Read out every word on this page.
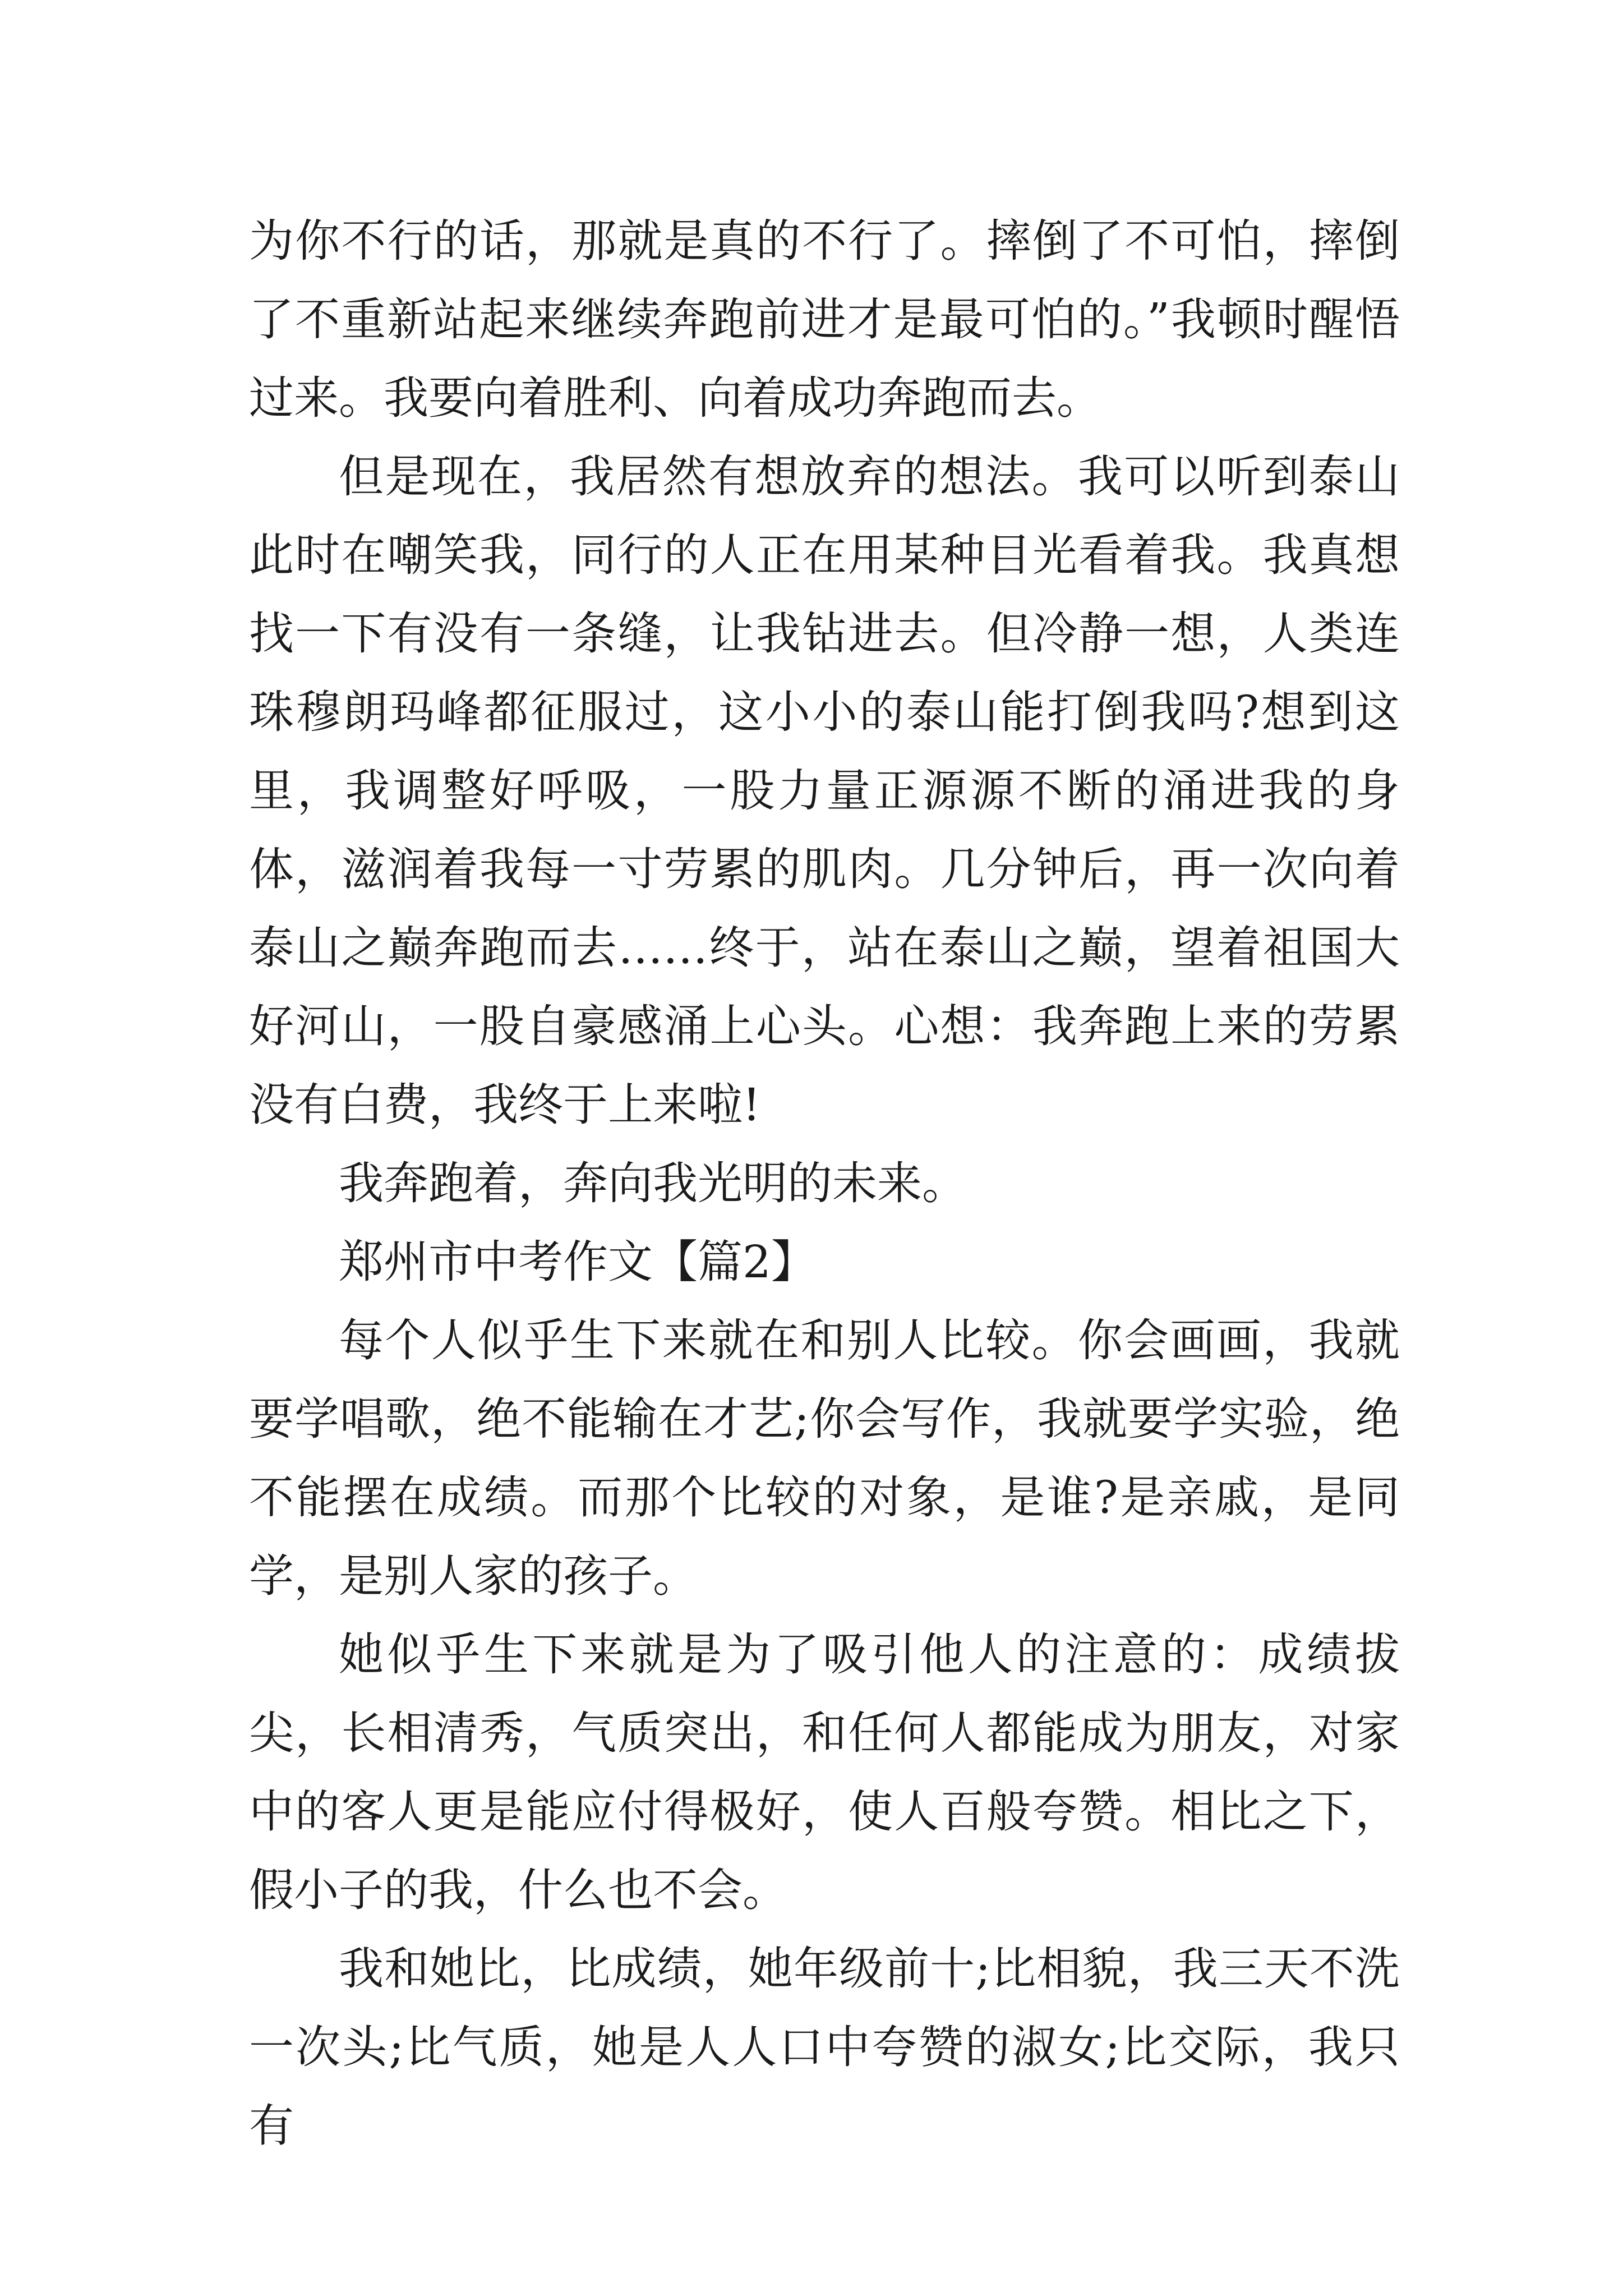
为你不行的话，那就是真的不行了。摔倒了不可怕，摔倒了不重新站起来继续奔跑前进才是最可怕的。”我顿时醒悟过来。我要向着胜利、向着成功奔跑而去。

但是现在，我居然有想放弃的想法。我可以听到泰山此时在嘲笑我，同行的人正在用某种目光看着我。我真想找一下有没有一条缝，让我钻进去。但冷静一想，人类连珠穆朗玛峰都征服过，这小小的泰山能打倒我吗?想到这里，我调整好呼吸，一股力量正源源不断的涌进我的身体，滋润着我每一寸劳累的肌肉。几分钟后，再一次向着泰山之巅奔跑而去……终于，站在泰山之巅，望着祖国大好河山，一股自豪感涌上心头。心想：我奔跑上来的劳累没有白费，我终于上来啦!

我奔跑着，奔向我光明的未来。

郑州市中考作文【篇2】

每个人似乎生下来就在和别人比较。你会画画，我就要学唱歌，绝不能输在才艺;你会写作，我就要学实验，绝不能摆在成绩。而那个比较的对象，是谁?是亲戚，是同学，是别人家的孩子。

她似乎生下来就是为了吸引他人的注意的：成绩拔尖，长相清秀，气质突出，和任何人都能成为朋友，对家中的客人更是能应付得极好，使人百般夸赞。相比之下，假小子的我，什么也不会。

我和她比，比成绩，她年级前十;比相貌，我三天不洗一次头;比气质，她是人人口中夸赞的淑女;比交际，我只有
